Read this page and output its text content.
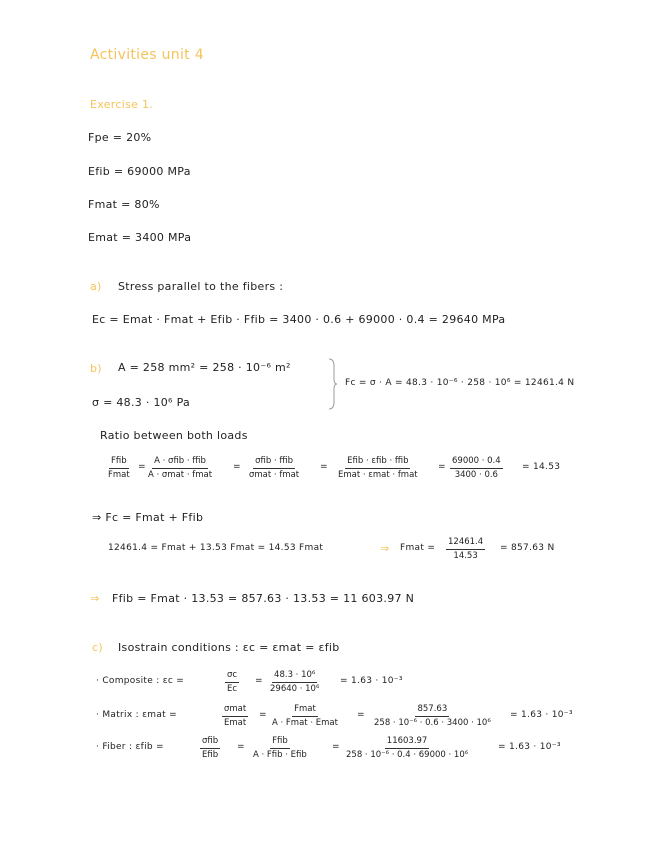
Activities unit 4
Exercise 1.
Fpe = 20%
Efib = 69000 MPa
Fmat = 80%
Emat = 3400 MPa
a) Stress parallel to the fibers :
Ec = Emat · Fmat + Efib · Ffib = 3400 · 0.6 + 69000 · 0.4 = 29640 MPa
b) A = 258 mm² = 258 · 10⁻⁶ m²
σ = 48.3 · 10⁶ Pa
Fc = σ · A = 48.3 · 10⁻⁶ · 258 · 10⁶ = 12461.4 N
Ratio between both loads
Ffib
Fmat
=
A · σfib · ffib
A · σmat · fmat
=
σfib · ffib
σmat · fmat
=
Efib · εfib · ffib
Emat · εmat · fmat
= $\frac{69000 \cdot 0.4}{3400 \cdot 0.6} = 14.53$
⇒ Fc = Fmat + Ffib
12461.4 = Fmat + 13.53 Fmat = 14.53 Fmat	⇒ Fmat = $\frac{12461.4}{14.53} = 857.63$ N
⇒ Ffib = Fmat · 13.53 = 857.63 · 13.53 = 11 603.97 N
c) Isostrain conditions : εc = εmat = εfib
· Composite : εc =	$\frac{\sigma c}{Ec} = \frac{\text{48.3 · 10⁶}}{\text{29640 · 10⁶}} = 1.63 \cdot 10^{-3}$
· Matrix : εmat =
σmat
Emat
=
Fmat
A · Fmat · Emat
= $\frac{857.63}{\text{258 · 10⁻⁶ · 0.6 · 3400 · 10⁶}} = 1.63 \cdot 10^{-3}$
· Fiber : εfib =
σfib
Efib
=
Ffib
A · Ffib · Efib
= $\frac{11603.97}{\text{258 · 10⁻⁶ · 0.4 · 69000 · 10⁶}}$	= 1.63 · 10⁻³
